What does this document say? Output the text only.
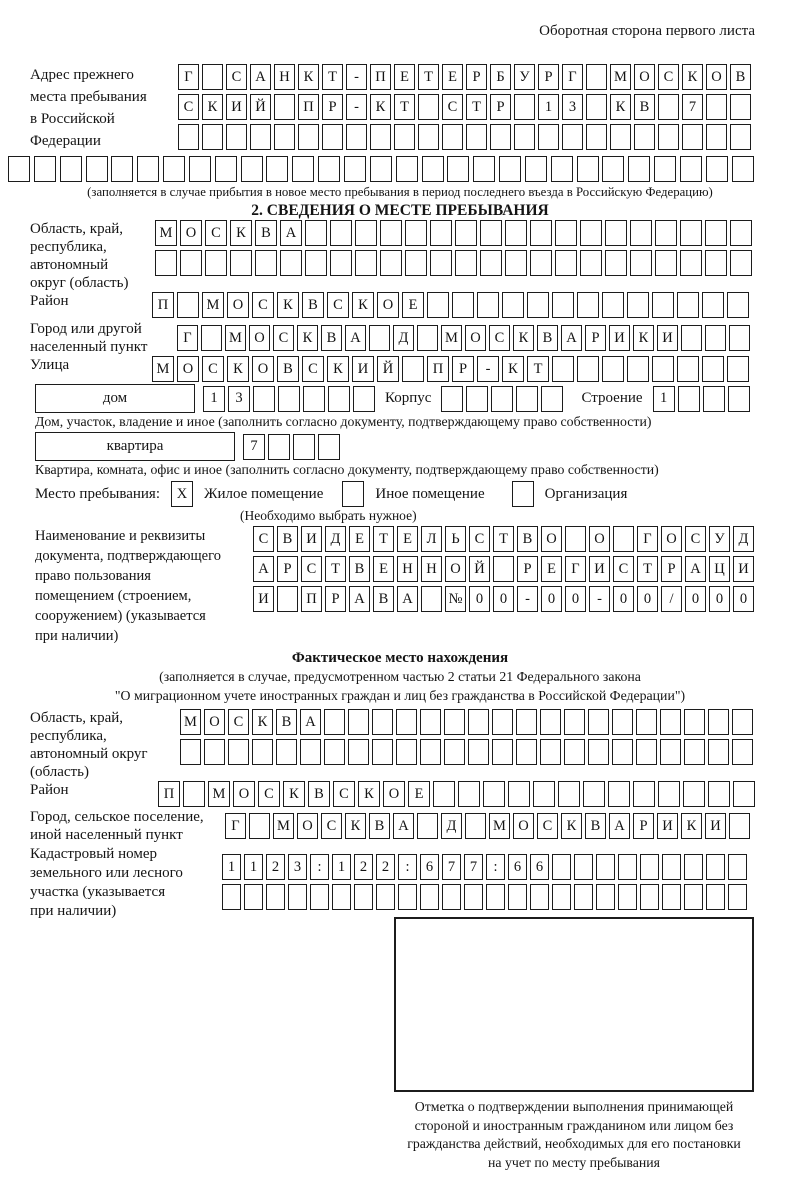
Оборотная сторона первого листа
Адрес прежнего
места пребывания
в Российской
Федерации
Г	С А Н К	Т	-	П Е	Т	Е	Р	Б	У	Р	Г	М О С К О В
С К И Й	П	Р	-	К	Т	С	Т	Р	1	3	К В	7
(заполняется в случае прибытия в новое место пребывания в период последнего въезда в Российскую Федерацию)
2. СВЕДЕНИЯ О МЕСТЕ ПРЕБЫВАНИЯ
Область, край,
республика,
автономный
округ (область)
М О	С	К	В	А
Район	П	М О	С	К	В	С	К	О	Е
Город или другой
населенный пункт
Г	М О С К В А	Д	М О С К В А	Р	И К И
Улица	М О	С	К	О	В	С	К	И	Й	П	Р	-	К	Т
дом	1	3	Корпус	Строение	1
Дом, участок, владение и иное (заполнить согласно документу, подтверждающему право собственности)
квартира	7
Квартира, комната, офис и иное (заполнить согласно документу, подтверждающему право собственности)
Место пребывания:	X	Жилое помещение	Иное помещение	Организация
(Необходимо выбрать нужное)
Наименование и реквизиты
документа, подтверждающего
право пользования
помещением (строением,
сооружением) (указывается
при наличии)
С В И Д	Е	Т	Е	Л	Ь	С	Т	В О	О	Г	О С У Д
А	Р	С	Т	В	Е Н Н О Й	Р	Е	Г	И С	Т	Р	А Ц И
И	П	Р	А В А	№ 0	0	-	0	0	-	0	0	/	0	0	0
Фактическое место нахождения
(заполняется в случае, предусмотренном частью 2 статьи 21 Федерального закона
"О миграционном учете иностранных граждан и лиц без гражданства в Российской Федерации")
Область, край,
республика,
автономный округ
(область)
М О С К В А
Район	П	М О	С	К	В	С	К	О	Е
Город, сельское поселение,
иной населенный пункт
Г	М О С К В А	Д	М О С К В А	Р	И К И
Кадастровый номер
земельного или лесного
участка (указывается
при наличии)
1	1	2	3	:	1	2	2	:	6	7	7	:	6	6
Отметка о подтверждении выполнения принимающей
стороной и иностранным гражданином или лицом без
гражданства действий, необходимых для его постановки
на учет по месту пребывания
